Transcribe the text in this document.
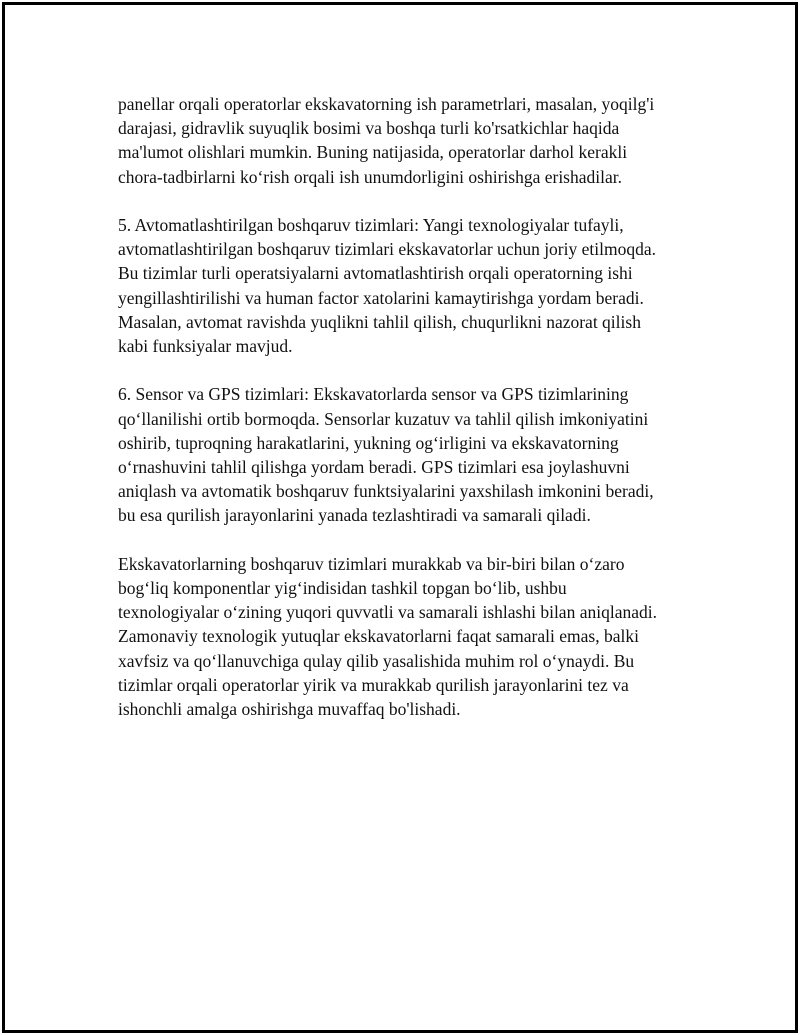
panellar orqali operatorlar ekskavatorning ish parametrlari, masalan, yoqilg'i
darajasi, gidravlik suyuqlik bosimi va boshqa turli ko'rsatkichlar haqida
ma'lumot olishlari mumkin. Buning natijasida, operatorlar darhol kerakli
chora-tadbirlarni ko‘rish orqali ish unumdorligini oshirishga erishadilar.

5. Avtomatlashtirilgan boshqaruv tizimlari: Yangi texnologiyalar tufayli,
avtomatlashtirilgan boshqaruv tizimlari ekskavatorlar uchun joriy etilmoqda.
Bu tizimlar turli operatsiyalarni avtomatlashtirish orqali operatorning ishi
yengillashtirilishi va human factor xatolarini kamaytirishga yordam beradi.
Masalan, avtomat ravishda yuqlikni tahlil qilish, chuqurlikni nazorat qilish
kabi funksiyalar mavjud.

6. Sensor va GPS tizimlari: Ekskavatorlarda sensor va GPS tizimlarining
qo‘llanilishi ortib bormoqda. Sensorlar kuzatuv va tahlil qilish imkoniyatini
oshirib, tuproqning harakatlarini, yukning og‘irligini va ekskavatorning
o‘rnashuvini tahlil qilishga yordam beradi. GPS tizimlari esa joylashuvni
aniqlash va avtomatik boshqaruv funktsiyalarini yaxshilash imkonini beradi,
bu esa qurilish jarayonlarini yanada tezlashtiradi va samarali qiladi.

Ekskavatorlarning boshqaruv tizimlari murakkab va bir-biri bilan o‘zaro
bog‘liq komponentlar yig‘indisidan tashkil topgan bo‘lib, ushbu
texnologiyalar o‘zining yuqori quvvatli va samarali ishlashi bilan aniqlanadi.
Zamonaviy texnologik yutuqlar ekskavatorlarni faqat samarali emas, balki
xavfsiz va qo‘llanuvchiga qulay qilib yasalishida muhim rol o‘ynaydi. Bu
tizimlar orqali operatorlar yirik va murakkab qurilish jarayonlarini tez va
ishonchli amalga oshirishga muvaffaq bo'lishadi.
